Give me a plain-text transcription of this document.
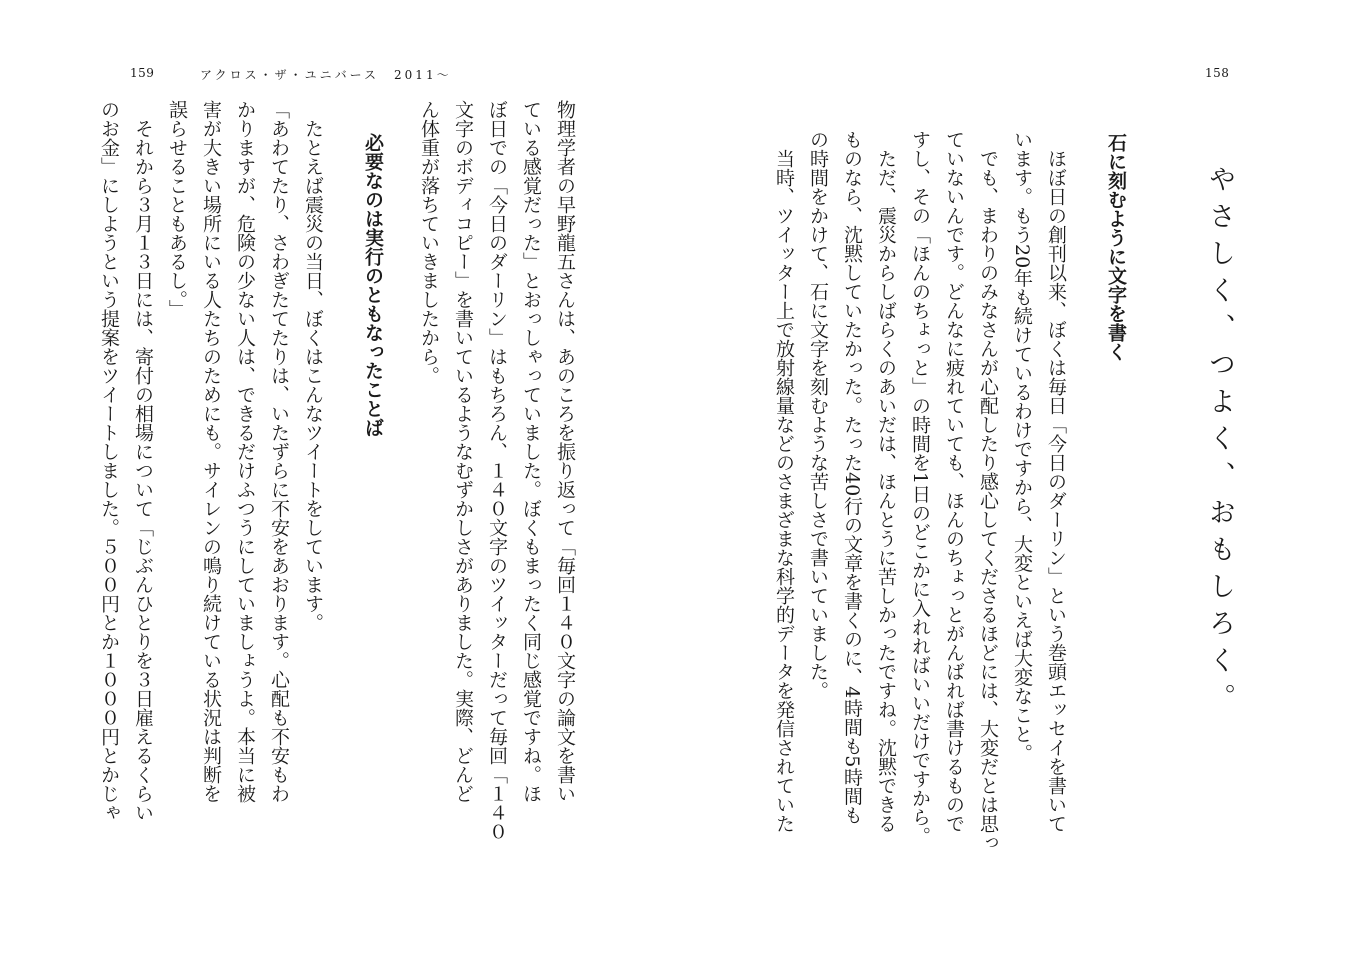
159	アクロス・ザ・ユニバース　2011〜
物理学者の早野龍五さんは、あのころを振り返って「毎回１４０文字の論文を書い
ている感覚だった」とおっしゃっていました。ぼくもまったく同じ感覚ですね。ほ
ぼ日での「今日のダーリン」はもちろん、１４０文字のツイッターだって毎回「１４０
文字のボディコピー」を書いているようなむずかしさがありました。実際、どんど
ん体重が落ちていきましたから。
必要なのは実行のともなったことば
たとえば震災の当日、ぼくはこんなツイートをしています。
「あわてたり、さわぎたてたりは、いたずらに不安をあおります。心配も不安もわ
かりますが、危険の少ない人は、できるだけふつうにしていましょうよ。本当に被
害が大きい場所にいる人たちのためにも。サイレンの鳴り続けている状況は判断を
誤らせることもあるし。」
それから３月１３日には、寄付の相場について「じぶんひとりを３日雇えるくらい
のお金」にしようという提案をツイートしました。５００円とか１０００円とかじゃ
158
やさしく、つよく、おもしろく。
石に刻むように文字を書く
ほぼ日の創刊以来、ぼくは毎日「今日のダーリン」という巻頭エッセイを書いて
います。もう20年も続けているわけですから、大変といえば大変なこと。
でも、まわりのみなさんが心配したり感心してくださるほどには、大変だとは思っ
ていないんです。どんなに疲れていても、ほんのちょっとがんばれば書けるもので
すし、その「ほんのちょっと」の時間を1日のどこかに入れればいいだけですから。
ただ、震災からしばらくのあいだは、ほんとうに苦しかったですね。沈黙できる
ものなら、沈黙していたかった。たった40行の文章を書くのに、4時間も5時間も
の時間をかけて、石に文字を刻むような苦しさで書いていました。
当時、ツイッター上で放射線量などのさまざまな科学的データを発信されていた
